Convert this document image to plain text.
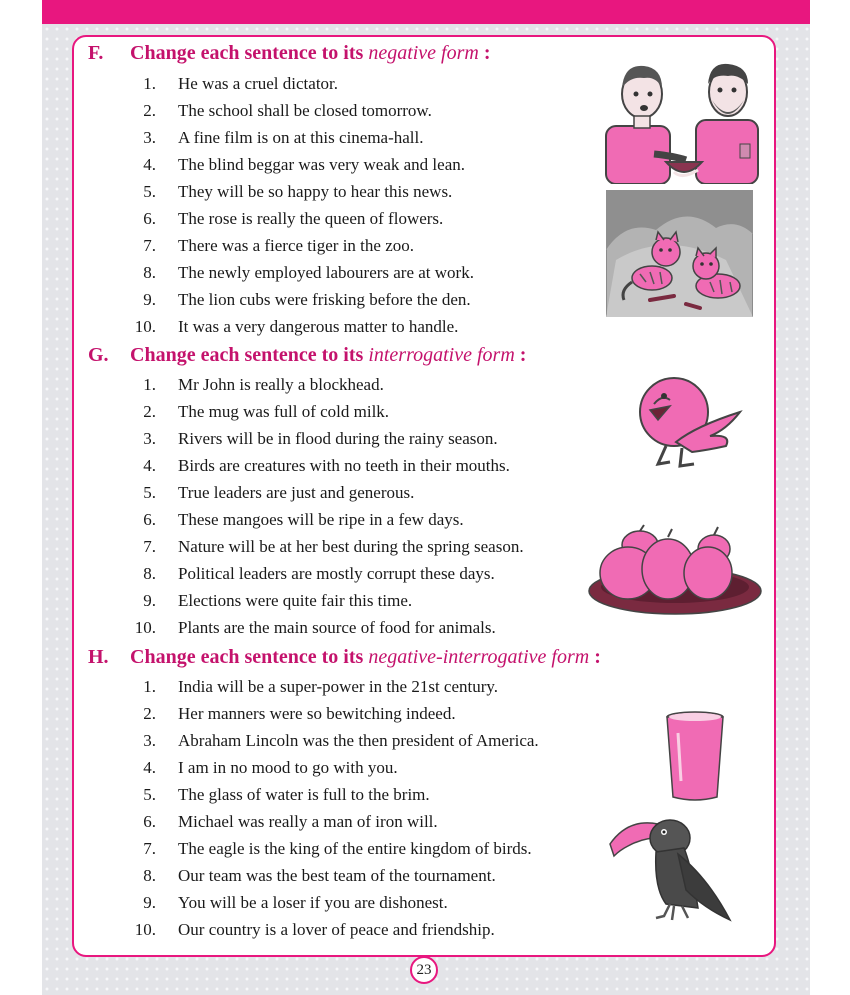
F. Change each sentence to its negative form :
1. He was a cruel dictator.
2. The school shall be closed tomorrow.
3. A fine film is on at this cinema-hall.
4. The blind beggar was very weak and lean.
5. They will be so happy to hear this news.
6. The rose is really the queen of flowers.
7. There was a fierce tiger in the zoo.
8. The newly employed labourers are at work.
9. The lion cubs were frisking before the den.
10. It was a very dangerous matter to handle.
G. Change each sentence to its interrogative form :
1. Mr John is really a blockhead.
2. The mug was full of cold milk.
3. Rivers will be in flood during the rainy season.
4. Birds are creatures with no teeth in their mouths.
5. True leaders are just and generous.
6. These mangoes will be ripe in a few days.
7. Nature will be at her best during the spring season.
8. Political leaders are mostly corrupt these days.
9. Elections were quite fair this time.
10. Plants are the main source of food for animals.
H. Change each sentence to its negative-interrogative form :
1. India will be a super-power in the 21st century.
2. Her manners were so bewitching indeed.
3. Abraham Lincoln was the then president of America.
4. I am in no mood to go with you.
5. The glass of water is full to the brim.
6. Michael was really a man of iron will.
7. The eagle is the king of the entire kingdom of birds.
8. Our team was the best team of the tournament.
9. You will be a loser if you are dishonest.
10. Our country is a lover of peace and friendship.
23
